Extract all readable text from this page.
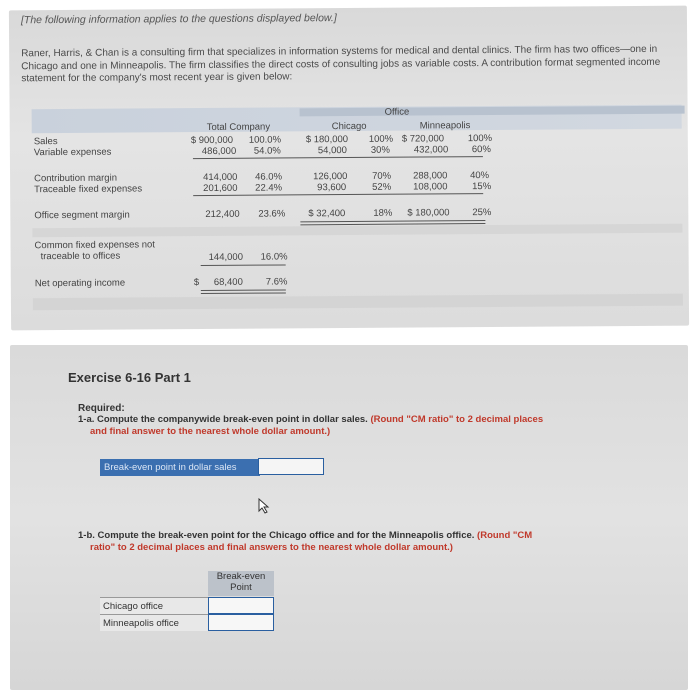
[The following information applies to the questions displayed below.]
Raner, Harris, & Chan is a consulting firm that specializes in information systems for medical and dental clinics. The firm has two offices—one in Chicago and one in Minneapolis. The firm classifies the direct costs of consulting jobs as variable costs. A contribution format segmented income statement for the company's most recent year is given below:
Office
Total Company	Chicago	Minneapolis
Sales	$ 900,000 100.0%	$ 180,000 100% $ 720,000 100%
Variable expenses	486,000 54.0%	54,000	30%	432,000 60%
Contribution margin	414,000 46.0%	126,000	70% 288,000 40%
Traceable fixed expenses	201,600 22.4%	93,600	52% 108,000	15%
Office segment margin	212,400 23.6% $ 32,400	18% $ 180,000 25%
Common fixed expenses not
traceable to offices	144,000 16.0%
Net operating income	$ 68,400 7.6%
Exercise 6-16 Part 1
Required:
1-a. Compute the companywide break-even point in dollar sales. (Round "CM ratio" to 2 decimal places
and final answer to the nearest whole dollar amount.)
Break-even point in dollar sales
1-b. Compute the break-even point for the Chicago office and for the Minneapolis office. (Round "CM
ratio" to 2 decimal places and final answers to the nearest whole dollar amount.)
Break-even Point
Chicago office
Minneapolis office
